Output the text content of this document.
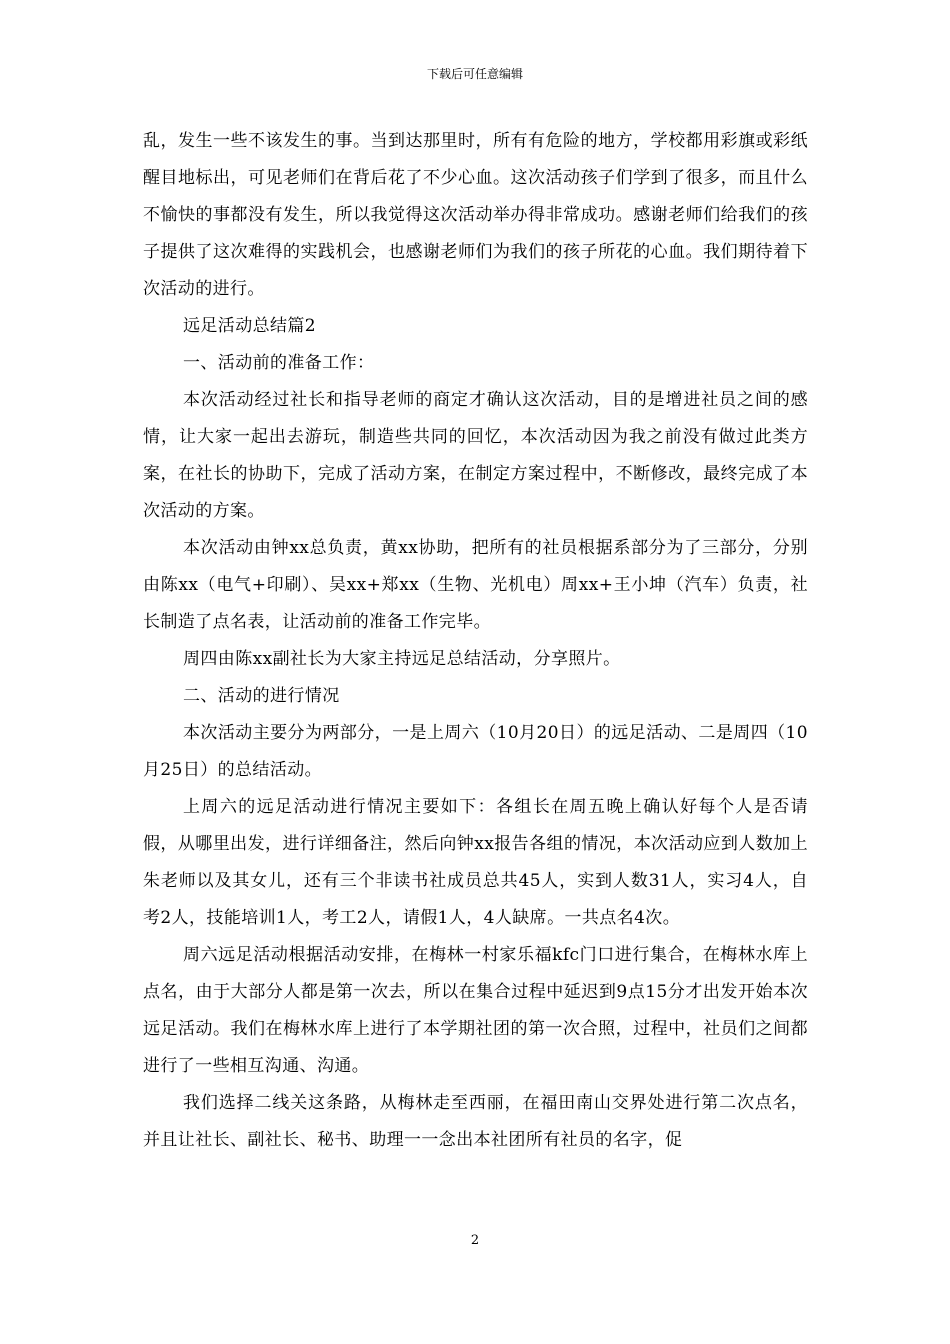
下载后可任意编辑

乱，发生一些不该发生的事。当到达那里时，所有有危险的地方，学校都用彩旗或彩纸醒目地标出，可见老师们在背后花了不少心血。这次活动孩子们学到了很多，而且什么不愉快的事都没有发生，所以我觉得这次活动举办得非常成功。感谢老师们给我们的孩子提供了这次难得的实践机会，也感谢老师们为我们的孩子所花的心血。我们期待着下次活动的进行。

远足活动总结篇2

一、活动前的准备工作：

本次活动经过社长和指导老师的商定才确认这次活动，目的是增进社员之间的感情，让大家一起出去游玩，制造些共同的回忆，本次活动因为我之前没有做过此类方案，在社长的协助下，完成了活动方案，在制定方案过程中，不断修改，最终完成了本次活动的方案。

本次活动由钟xx总负责，黄xx协助，把所有的社员根据系部分为了三部分，分别由陈xx（电气+印刷）、吴xx+郑xx（生物、光机电）周xx+王小坤（汽车）负责，社长制造了点名表，让活动前的准备工作完毕。

周四由陈xx副社长为大家主持远足总结活动，分享照片。

二、活动的进行情况

本次活动主要分为两部分，一是上周六（10月20日）的远足活动、二是周四（10月25日）的总结活动。

上周六的远足活动进行情况主要如下：各组长在周五晚上确认好每个人是否请假，从哪里出发，进行详细备注，然后向钟xx报告各组的情况，本次活动应到人数加上朱老师以及其女儿，还有三个非读书社成员总共45人，实到人数31人，实习4人，自考2人，技能培训1人，考工2人，请假1人，4人缺席。一共点名4次。

周六远足活动根据活动安排，在梅林一村家乐福kfc门口进行集合，在梅林水库上点名，由于大部分人都是第一次去，所以在集合过程中延迟到9点15分才出发开始本次远足活动。我们在梅林水库上进行了本学期社团的第一次合照，过程中，社员们之间都进行了一些相互沟通、沟通。

我们选择二线关这条路，从梅林走至西丽，在福田南山交界处进行第二次点名，并且让社长、副社长、秘书、助理一一念出本社团所有社员的名字，促

2
